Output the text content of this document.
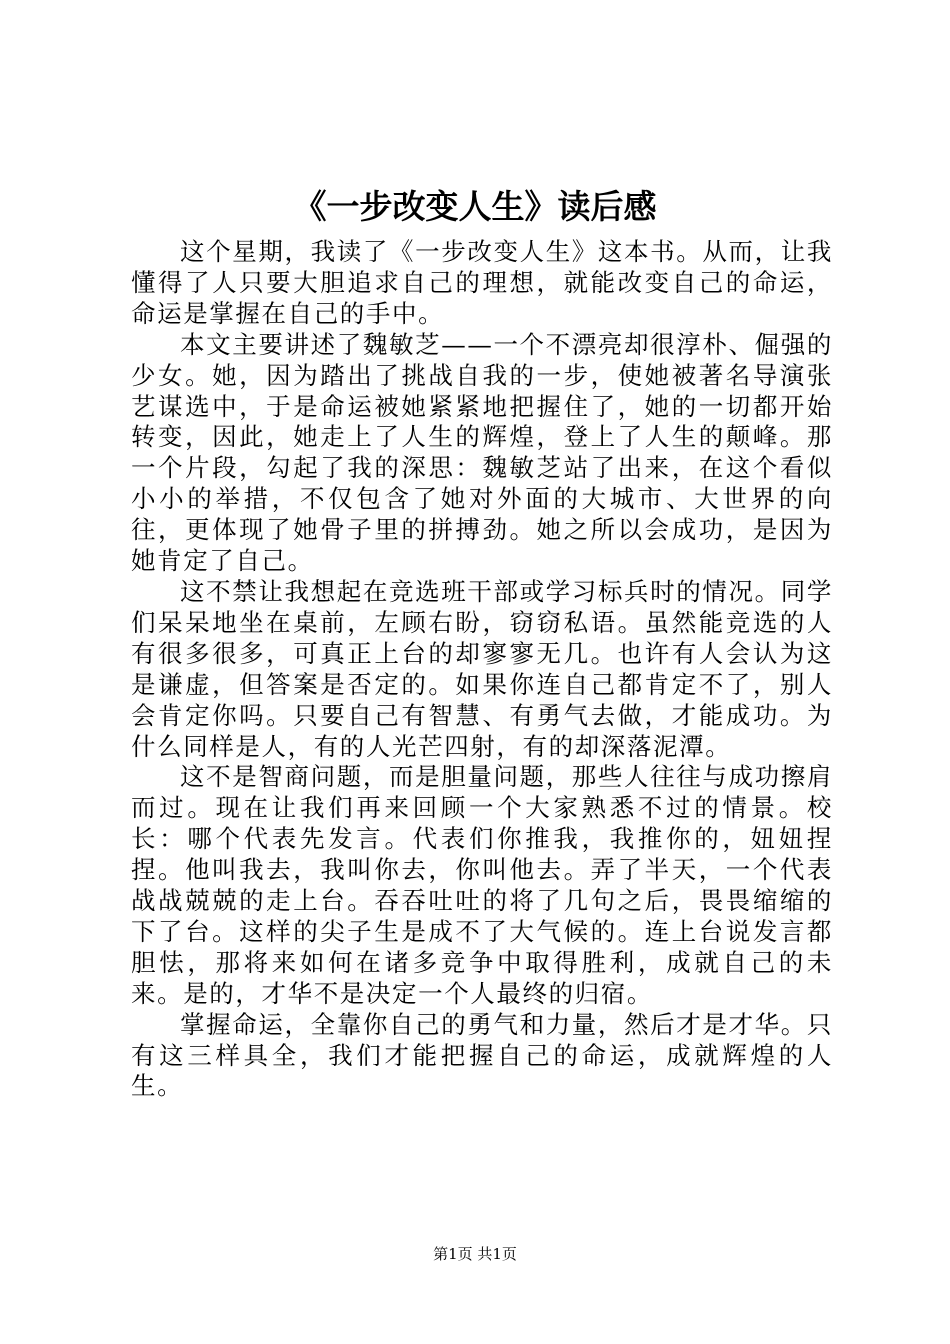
《一步改变人生》读后感

这个星期，我读了《一步改变人生》这本书。从而，让我懂得了人只要大胆追求自己的理想，就能改变自己的命运，命运是掌握在自己的手中。

本文主要讲述了魏敏芝——一个不漂亮却很淳朴、倔强的少女。她，因为踏出了挑战自我的一步，使她被著名导演张艺谋选中，于是命运被她紧紧地把握住了，她的一切都开始转变，因此，她走上了人生的辉煌，登上了人生的颠峰。那一个片段，勾起了我的深思：魏敏芝站了出来，在这个看似小小的举措，不仅包含了她对外面的大城市、大世界的向往，更体现了她骨子里的拼搏劲。她之所以会成功，是因为她肯定了自己。

这不禁让我想起在竞选班干部或学习标兵时的情况。同学们呆呆地坐在桌前，左顾右盼，窃窃私语。虽然能竞选的人有很多很多，可真正上台的却寥寥无几。也许有人会认为这是谦虚，但答案是否定的。如果你连自己都肯定不了，别人会肯定你吗。只要自己有智慧、有勇气去做，才能成功。为什么同样是人，有的人光芒四射，有的却深落泥潭。

这不是智商问题，而是胆量问题，那些人往往与成功擦肩而过。现在让我们再来回顾一个大家熟悉不过的情景。校长：哪个代表先发言。代表们你推我，我推你的，妞妞捏捏。他叫我去，我叫你去，你叫他去。弄了半天，一个代表战战兢兢的走上台。吞吞吐吐的将了几句之后，畏畏缩缩的下了台。这样的尖子生是成不了大气候的。连上台说发言都胆怯，那将来如何在诸多竞争中取得胜利，成就自己的未来。是的，才华不是决定一个人最终的归宿。

掌握命运，全靠你自己的勇气和力量，然后才是才华。只有这三样具全，我们才能把握自己的命运，成就辉煌的人生。

第1页 共1页
